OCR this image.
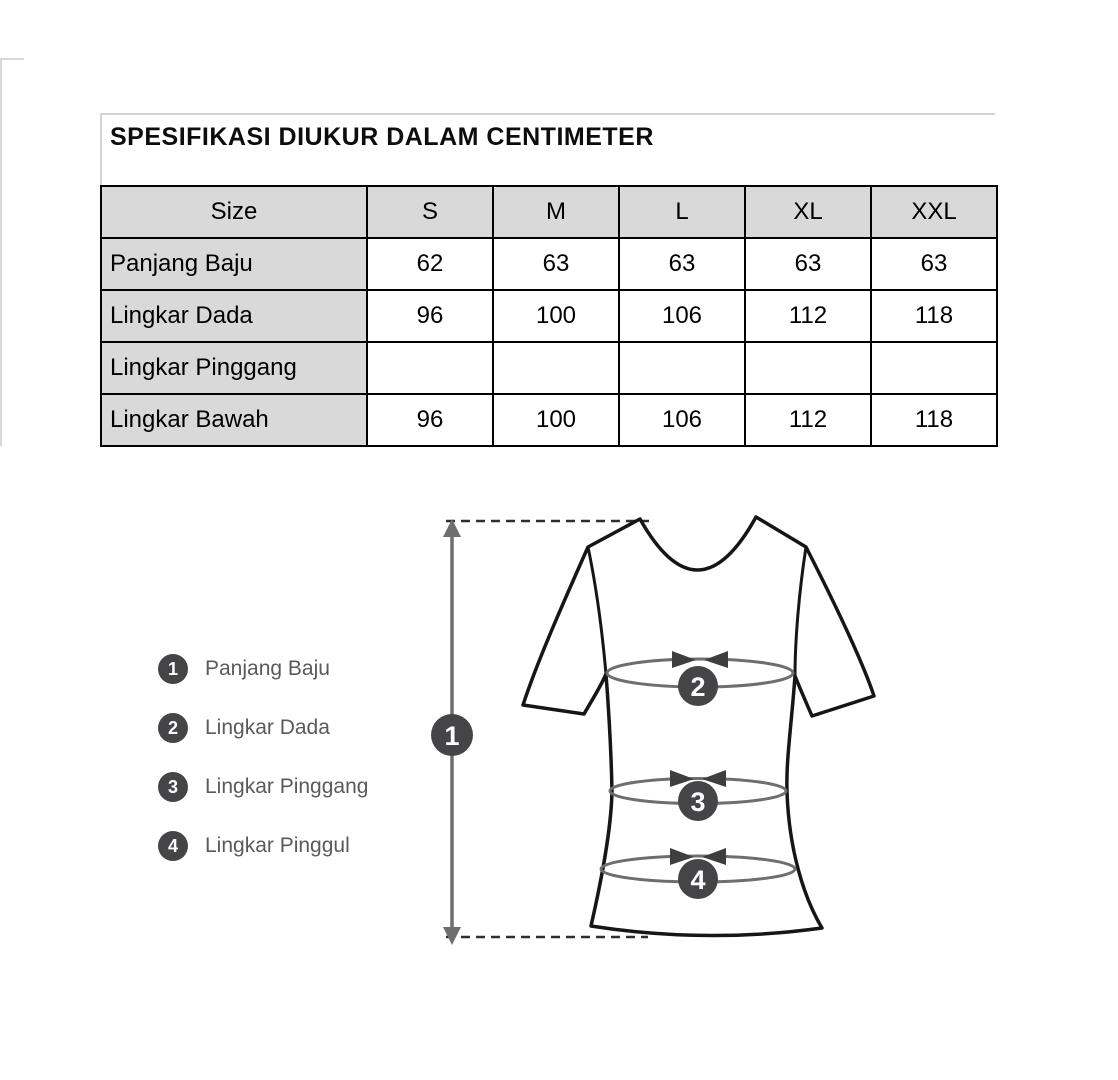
SPESIFIKASI DIUKUR DALAM CENTIMETER
Size	S	M	L	XL	XXL
Panjang Baju	62	63	63	63	63
Lingkar Dada	96	100	106	112	118
Lingkar Pinggang					
Lingkar Bawah	96	100	106	112	118
1	Panjang Baju
2	Lingkar Dada
3	Lingkar Pinggang
4	Lingkar Pinggul
1
2
3
4
